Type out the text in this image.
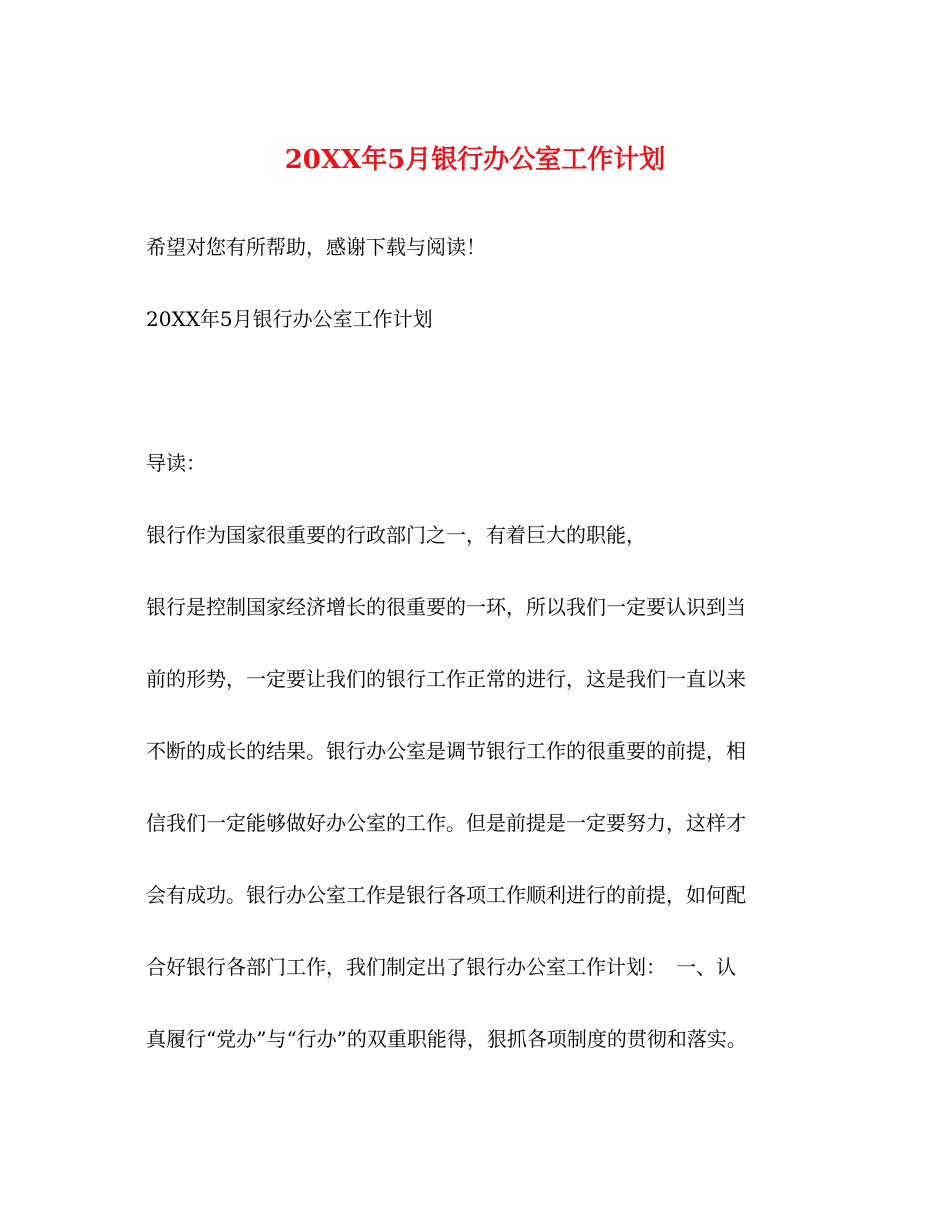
20XX年5月银行办公室工作计划
希望对您有所帮助，感谢下载与阅读！
20XX年5月银行办公室工作计划
导读：
银行作为国家很重要的行政部门之一，有着巨大的职能，
银行是控制国家经济增长的很重要的一环，所以我们一定要认识到当
前的形势，一定要让我们的银行工作正常的进行，这是我们一直以来
不断的成长的结果。银行办公室是调节银行工作的很重要的前提，相
信我们一定能够做好办公室的工作。但是前提是一定要努力，这样才
会有成功。银行办公室工作是银行各项工作顺利进行的前提，如何配
合好银行各部门工作，我们制定出了银行办公室工作计划：　一、认
真履行“党办”与“行办”的双重职能得，狠抓各项制度的贯彻和落实。
